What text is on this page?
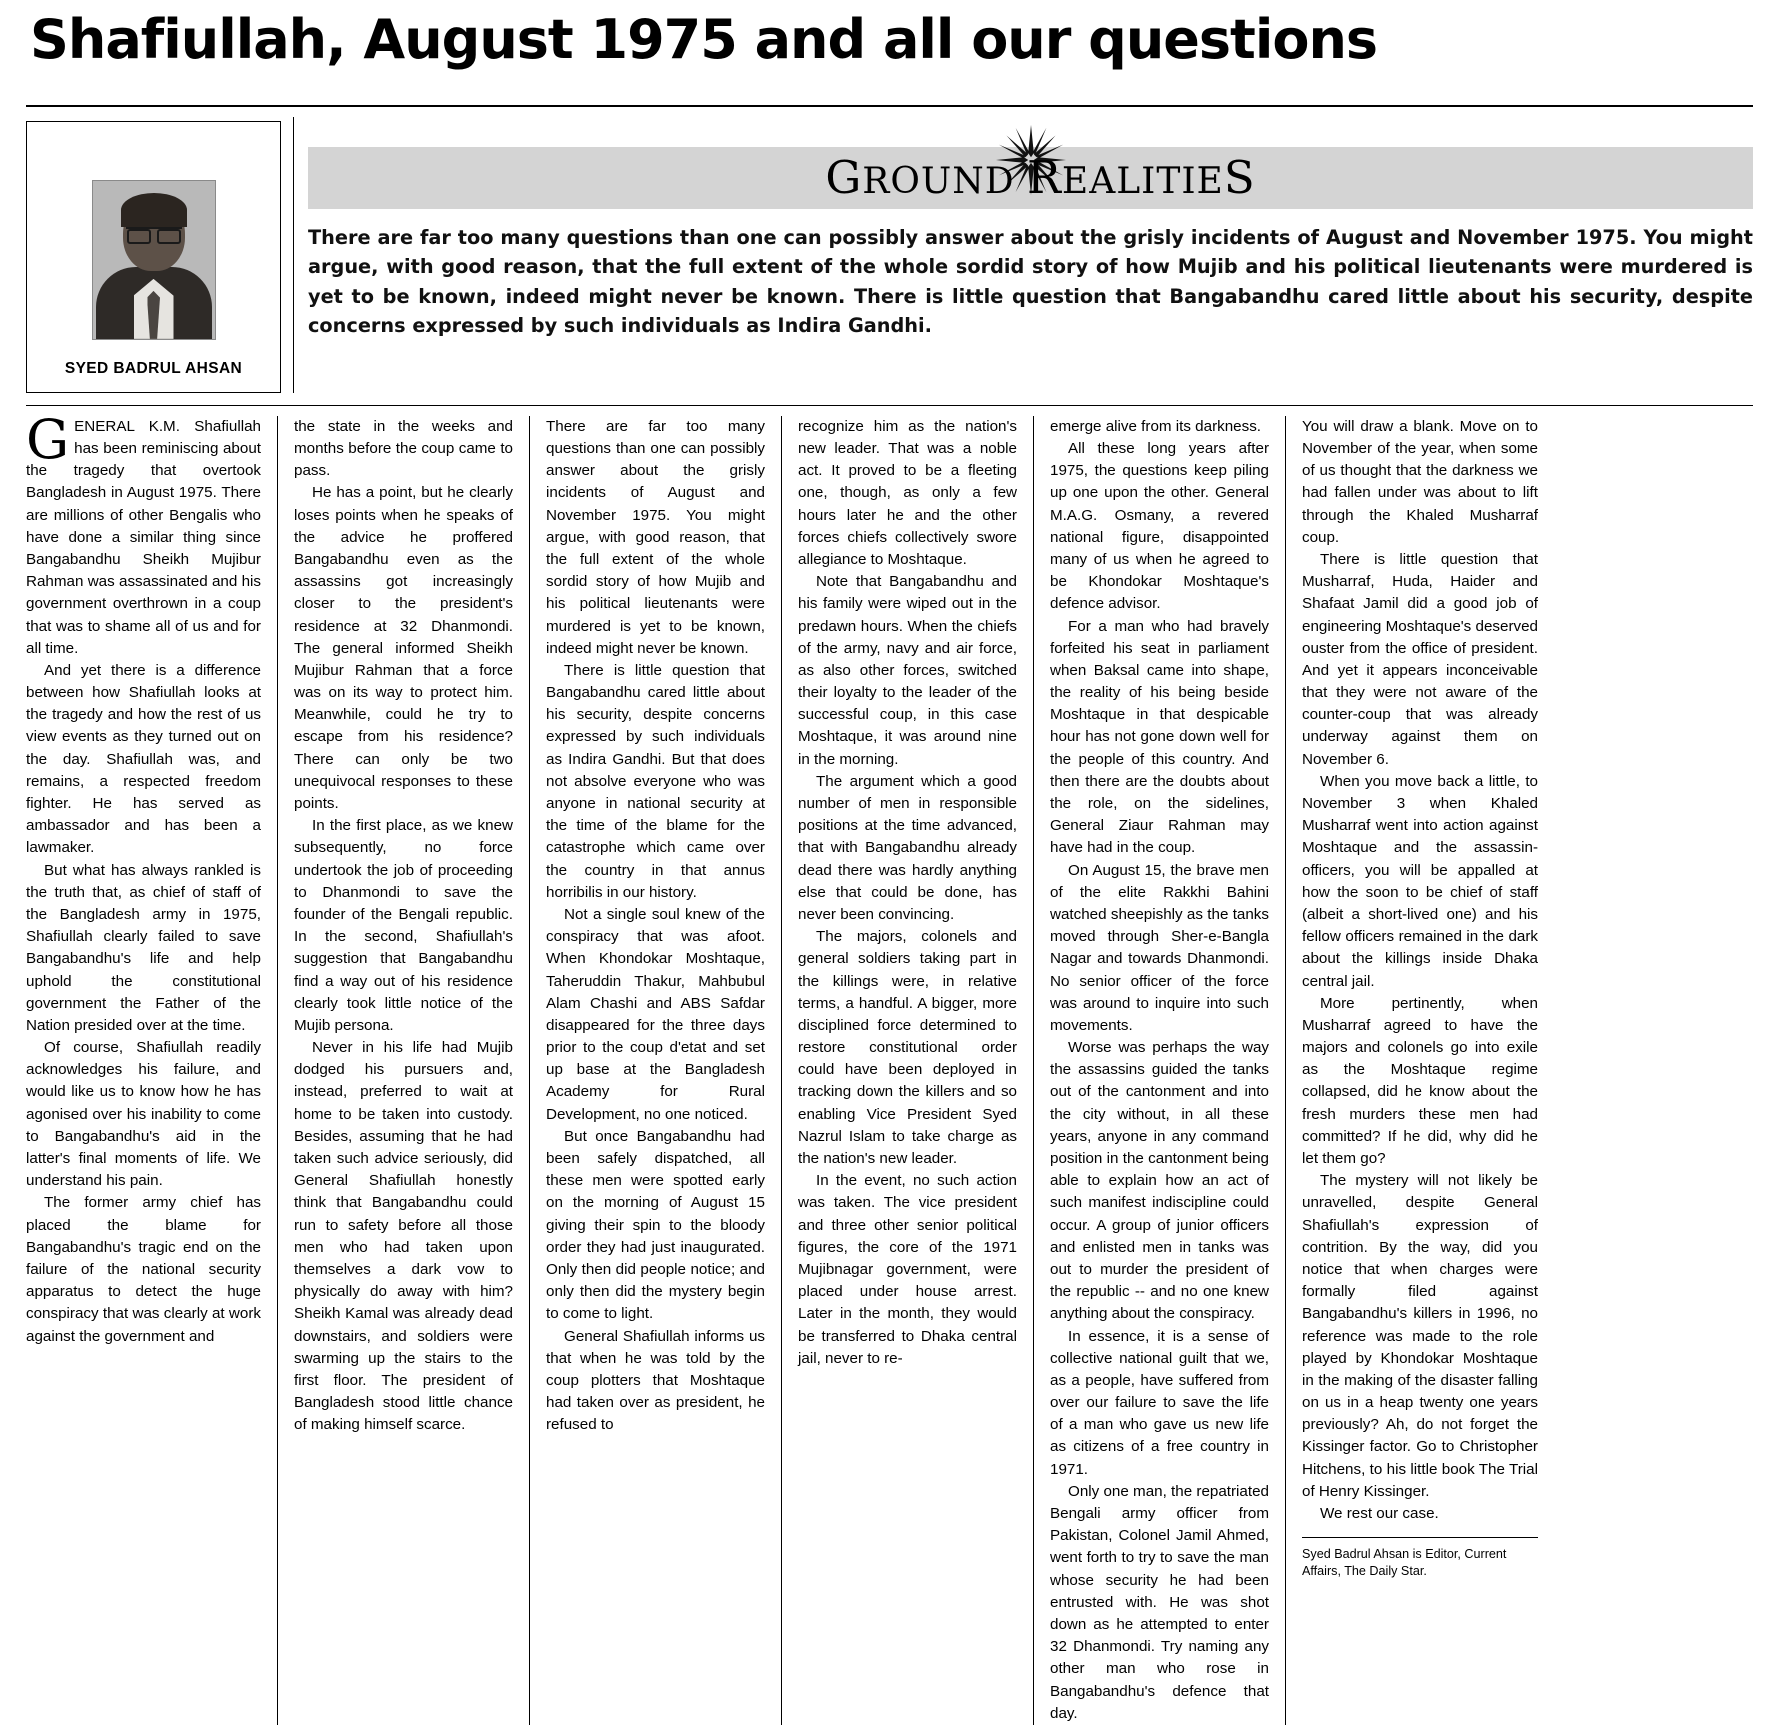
Shafiullah, August 1975 and all our questions
SYED BADRUL AHSAN
GROUND REALITIES
There are far too many questions than one can possibly answer about the grisly incidents of August and November 1975. You might argue, with good reason, that the full extent of the whole sordid story of how Mujib and his political lieutenants were murdered is yet to be known, indeed might never be known. There is little question that Bangabandhu cared little about his security, despite concerns expressed by such individuals as Indira Gandhi.

GENERAL K.M. Shafiullah has been reminiscing about the tragedy that overtook Bangladesh in August 1975. There are millions of other Bengalis who have done a similar thing since Bangabandhu Sheikh Mujibur Rahman was assassinated and his government overthrown in a coup that was to shame all of us and for all time.

And yet there is a difference between how Shafiullah looks at the tragedy and how the rest of us view events as they turned out on the day. Shafiullah was, and remains, a respected freedom fighter. He has served as ambassador and has been a lawmaker.

But what has always rankled is the truth that, as chief of staff of the Bangladesh army in 1975, Shafiullah clearly failed to save Bangabandhu's life and help uphold the constitutional government the Father of the Nation presided over at the time.

Of course, Shafiullah readily acknowledges his failure, and would like us to know how he has agonised over his inability to come to Bangabandhu's aid in the latter's final moments of life. We understand his pain.

The former army chief has placed the blame for Bangabandhu's tragic end on the failure of the national security apparatus to detect the huge conspiracy that was clearly at work against the government and

the state in the weeks and months before the coup came to pass.

He has a point, but he clearly loses points when he speaks of the advice he proffered Bangabandhu even as the assassins got increasingly closer to the president's residence at 32 Dhanmondi. The general informed Sheikh Mujibur Rahman that a force was on its way to protect him. Meanwhile, could he try to escape from his residence? There can only be two unequivocal responses to these points.

In the first place, as we knew subsequently, no force undertook the job of proceeding to Dhanmondi to save the founder of the Bengali republic. In the second, Shafiullah's suggestion that Bangabandhu find a way out of his residence clearly took little notice of the Mujib persona.

Never in his life had Mujib dodged his pursuers and, instead, preferred to wait at home to be taken into custody. Besides, assuming that he had taken such advice seriously, did General Shafiullah honestly think that Bangabandhu could run to safety before all those men who had taken upon themselves a dark vow to physically do away with him? Sheikh Kamal was already dead downstairs, and soldiers were swarming up the stairs to the first floor. The president of Bangladesh stood little chance of making himself scarce.

There are far too many questions than one can possibly answer about the grisly incidents of August and November 1975. You might argue, with good reason, that the full extent of the whole sordid story of how Mujib and his political lieutenants were murdered is yet to be known, indeed might never be known.

There is little question that Bangabandhu cared little about his security, despite concerns expressed by such individuals as Indira Gandhi. But that does not absolve everyone who was anyone in national security at the time of the blame for the catastrophe which came over the country in that annus horribilis in our history.

Not a single soul knew of the conspiracy that was afoot. When Khondokar Moshtaque, Taheruddin Thakur, Mahbubul Alam Chashi and ABS Safdar disappeared for the three days prior to the coup d'etat and set up base at the Bangladesh Academy for Rural Development, no one noticed.

But once Bangabandhu had been safely dispatched, all these men were spotted early on the morning of August 15 giving their spin to the bloody order they had just inaugurated. Only then did people notice; and only then did the mystery begin to come to light.

General Shafiullah informs us that when he was told by the coup plotters that Moshtaque had taken over as president, he refused to

recognize him as the nation's new leader. That was a noble act. It proved to be a fleeting one, though, as only a few hours later he and the other forces chiefs collectively swore allegiance to Moshtaque.

Note that Bangabandhu and his family were wiped out in the predawn hours. When the chiefs of the army, navy and air force, as also other forces, switched their loyalty to the leader of the successful coup, in this case Moshtaque, it was around nine in the morning.

The argument which a good number of men in responsible positions at the time advanced, that with Bangabandhu already dead there was hardly anything else that could be done, has never been convincing.

The majors, colonels and general soldiers taking part in the killings were, in relative terms, a handful. A bigger, more disciplined force determined to restore constitutional order could have been deployed in tracking down the killers and so enabling Vice President Syed Nazrul Islam to take charge as the nation's new leader.

In the event, no such action was taken. The vice president and three other senior political figures, the core of the 1971 Mujibnagar government, were placed under house arrest. Later in the month, they would be transferred to Dhaka central jail, never to re-

emerge alive from its darkness.

All these long years after 1975, the questions keep piling up one upon the other. General M.A.G. Osmany, a revered national figure, disappointed many of us when he agreed to be Khondokar Moshtaque's defence advisor.

For a man who had bravely forfeited his seat in parliament when Baksal came into shape, the reality of his being beside Moshtaque in that despicable hour has not gone down well for the people of this country. And then there are the doubts about the role, on the sidelines, General Ziaur Rahman may have had in the coup.

On August 15, the brave men of the elite Rakkhi Bahini watched sheepishly as the tanks moved through Sher-e-Bangla Nagar and towards Dhanmondi. No senior officer of the force was around to inquire into such movements.

Worse was perhaps the way the assassins guided the tanks out of the cantonment and into the city without, in all these years, anyone in any command position in the cantonment being able to explain how an act of such manifest indiscipline could occur. A group of junior officers and enlisted men in tanks was out to murder the president of the republic -- and no one knew anything about the conspiracy.

In essence, it is a sense of collective national guilt that we, as a people, have suffered from over our failure to save the life of a man who gave us new life as citizens of a free country in 1971.

Only one man, the repatriated Bengali army officer from Pakistan, Colonel Jamil Ahmed, went forth to try to save the man whose security he had been entrusted with. He was shot down as he attempted to enter 32 Dhanmondi. Try naming any other man who rose in Bangabandhu's defence that day.

You will draw a blank. Move on to November of the year, when some of us thought that the darkness we had fallen under was about to lift through the Khaled Musharraf coup.

There is little question that Musharraf, Huda, Haider and Shafaat Jamil did a good job of engineering Moshtaque's deserved ouster from the office of president. And yet it appears inconceivable that they were not aware of the counter-coup that was already underway against them on November 6.

When you move back a little, to November 3 when Khaled Musharraf went into action against Moshtaque and the assassin-officers, you will be appalled at how the soon to be chief of staff (albeit a short-lived one) and his fellow officers remained in the dark about the killings inside Dhaka central jail.

More pertinently, when Musharraf agreed to have the majors and colonels go into exile as the Moshtaque regime collapsed, did he know about the fresh murders these men had committed? If he did, why did he let them go?

The mystery will not likely be unravelled, despite General Shafiullah's expression of contrition. By the way, did you notice that when charges were formally filed against Bangabandhu's killers in 1996, no reference was made to the role played by Khondokar Moshtaque in the making of the disaster falling on us in a heap twenty one years previously? Ah, do not forget the Kissinger factor. Go to Christopher Hitchens, to his little book The Trial of Henry Kissinger.

We rest our case.

Syed Badrul Ahsan is Editor, Current Affairs, The Daily Star.
